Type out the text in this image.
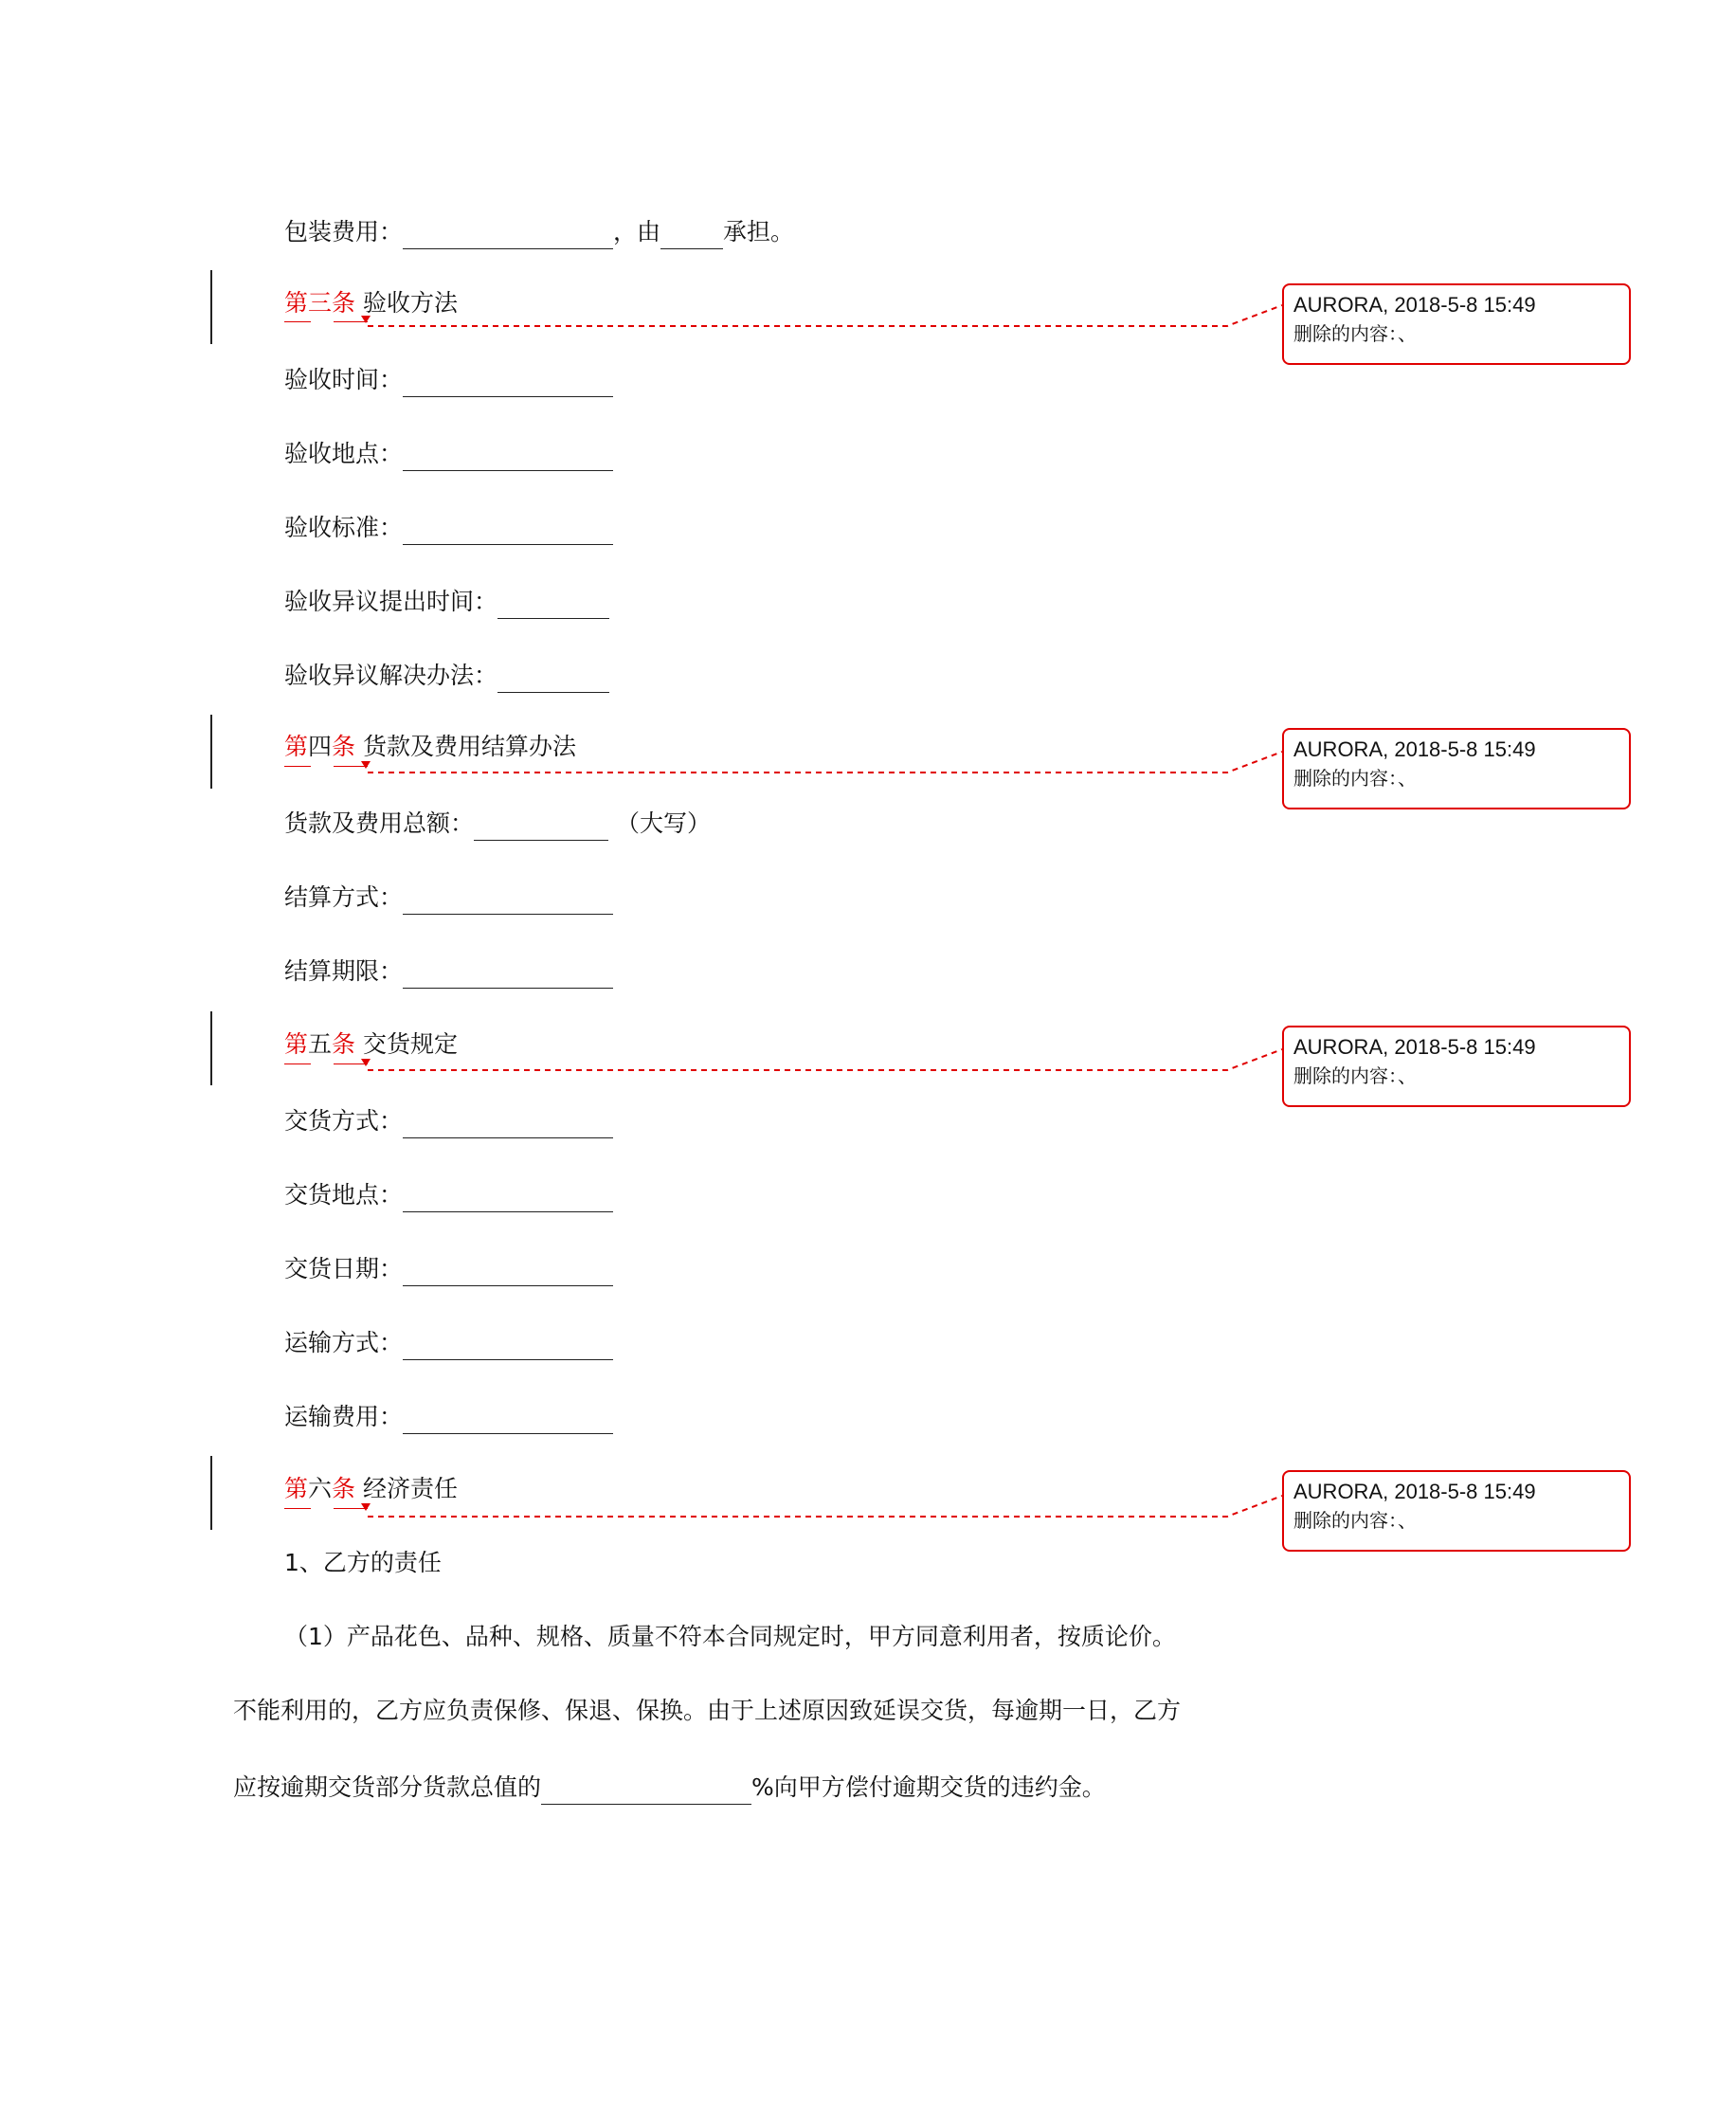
包装费用：	，由	承担。
第三条 验收方法	AURORA, 2018-5-8 15:49
删除的内容：、
验收时间：
验收地点：
验收标准：
验收异议提出时间：
验收异议解决办法：
第四条 货款及费用结算办法	AURORA, 2018-5-8 15:49
删除的内容：、
货款及费用总额：	（大写）
结算方式：
结算期限：
第五条 交货规定	AURORA, 2018-5-8 15:49
删除的内容：、
交货方式：
交货地点：
交货日期：
运输方式：
运输费用：
第六条 经济责任	AURORA, 2018-5-8 15:49
删除的内容：、
1、乙方的责任
（1）产品花色、品种、规格、质量不符本合同规定时，甲方同意利用者，按质论价。
不能利用的，乙方应负责保修、保退、保换。由于上述原因致延误交货，每逾期一日，乙方
应按逾期交货部分货款总值的	%向甲方偿付逾期交货的违约金。
